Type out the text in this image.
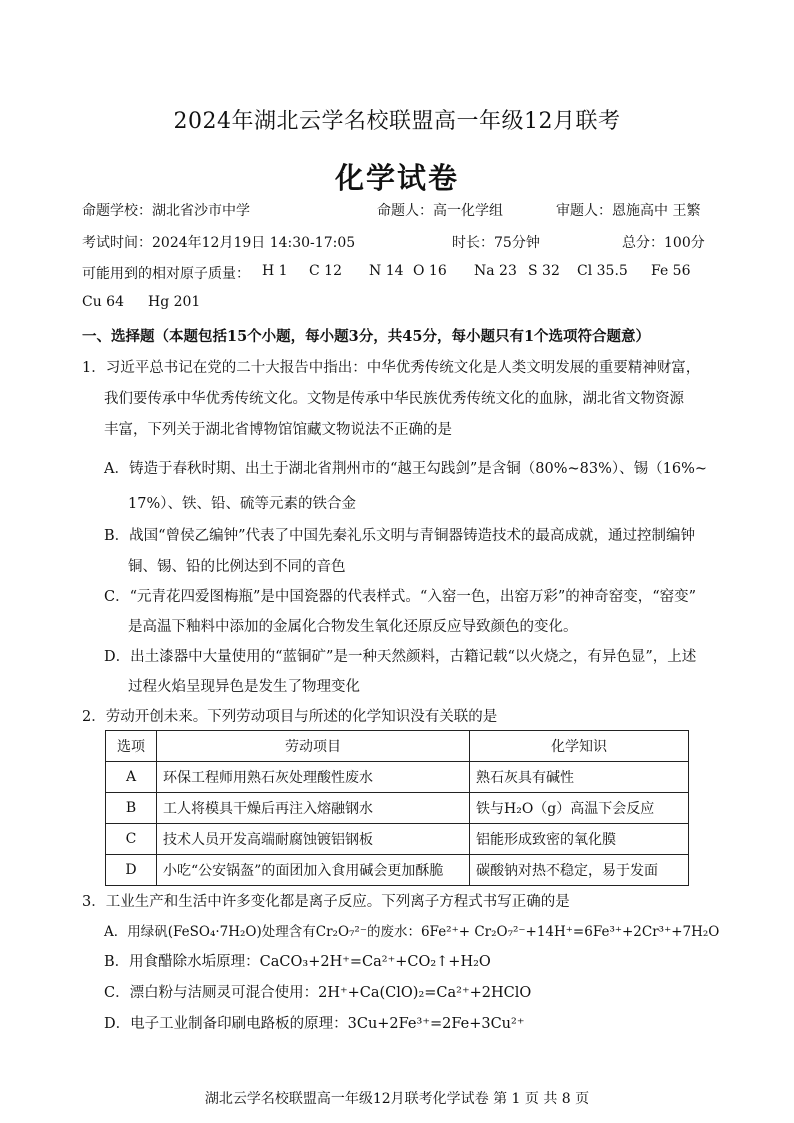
2024年湖北云学名校联盟高一年级12月联考
化学试卷
命题学校：湖北省沙市中学	命题人：高一化学组	审题人：恩施高中 王繁
考试时间：2024年12月19日 14:30-17:05	时长：75分钟	总分：100分
可能用到的相对原子质量： H 1 C 12 N 14 O 16 Na 23 S 32 Cl 35.5 Fe 56
Cu 64 Hg 201
一、选择题（本题包括15个小题，每小题3分，共45分，每小题只有1个选项符合题意）
1．习近平总书记在党的二十大报告中指出：中华优秀传统文化是人类文明发展的重要精神财富，
我们要传承中华优秀传统文化。文物是传承中华民族优秀传统文化的血脉，湖北省文物资源
丰富，下列关于湖北省博物馆馆藏文物说法不正确的是
A．铸造于春秋时期、出土于湖北省荆州市的“越王勾践剑”是含铜（80%~83%）、锡（16%~
17%）、铁、铅、硫等元素的铁合金
B．战国“曾侯乙编钟”代表了中国先秦礼乐文明与青铜器铸造技术的最高成就，通过控制编钟
铜、锡、铅的比例达到不同的音色
C．“元青花四爱图梅瓶”是中国瓷器的代表样式。“入窑一色，出窑万彩”的神奇窑变，“窑变”
是高温下釉料中添加的金属化合物发生氧化还原反应导致颜色的变化。
D．出土漆器中大量使用的“蓝铜矿”是一种天然颜料，古籍记载“以火烧之，有异色显”，上述
过程火焰呈现异色是发生了物理变化
2．劳动开创未来。下列劳动项目与所述的化学知识没有关联的是
选项	劳动项目	化学知识
A	环保工程师用熟石灰处理酸性废水	熟石灰具有碱性
B	工人将模具干燥后再注入熔融钢水	铁与H₂O（g）高温下会反应
C	技术人员开发高端耐腐蚀镀铝钢板	铝能形成致密的氧化膜
D	小吃“公安锅盔”的面团加入食用碱会更加酥脆	碳酸钠对热不稳定，易于发面
3．工业生产和生活中许多变化都是离子反应。下列离子方程式书写正确的是
A．用绿矾(FeSO₄·7H₂O)处理含有Cr₂O₇²⁻的废水：6Fe²⁺+ Cr₂O₇²⁻+14H⁺=6Fe³⁺+2Cr³⁺+7H₂O
B．用食醋除水垢原理：CaCO₃+2H⁺=Ca²⁺+CO₂↑+H₂O
C．漂白粉与洁厕灵可混合使用：2H⁺+Ca(ClO)₂=Ca²⁺+2HClO
D．电子工业制备印刷电路板的原理：3Cu+2Fe³⁺=2Fe+3Cu²⁺
湖北云学名校联盟高一年级12月联考化学试卷 第 1 页 共 8 页
